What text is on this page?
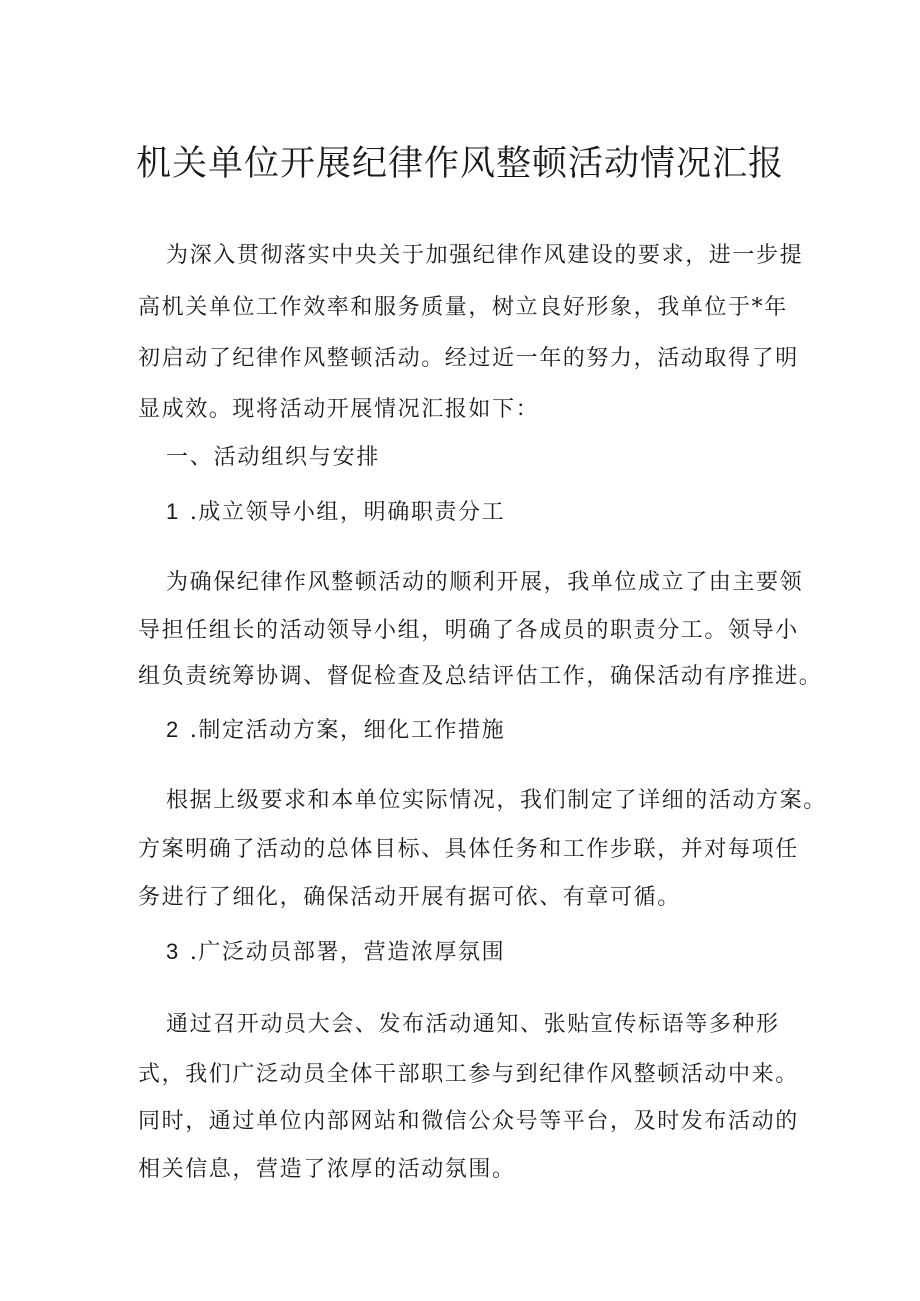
机关单位开展纪律作风整顿活动情况汇报

为深入贯彻落实中央关于加强纪律作风建设的要求，进一步提

高机关单位工作效率和服务质量，树立良好形象，我单位于*年

初启动了纪律作风整顿活动。经过近一年的努力，活动取得了明

显成效。现将活动开展情况汇报如下：

一、活动组织与安排

1 .成立领导小组，明确职责分工

为确保纪律作风整顿活动的顺利开展，我单位成立了由主要领

导担任组长的活动领导小组，明确了各成员的职责分工。领导小

组负责统筹协调、督促检查及总结评估工作，确保活动有序推进。

2 .制定活动方案，细化工作措施

根据上级要求和本单位实际情况，我们制定了详细的活动方案。

方案明确了活动的总体目标、具体任务和工作步联，并对每项任

务进行了细化，确保活动开展有据可依、有章可循。

3 .广泛动员部署，营造浓厚氛围

通过召开动员大会、发布活动通知、张贴宣传标语等多种形

式，我们广泛动员全体干部职工参与到纪律作风整顿活动中来。

同时，通过单位内部网站和微信公众号等平台，及时发布活动的

相关信息，营造了浓厚的活动氛围。
